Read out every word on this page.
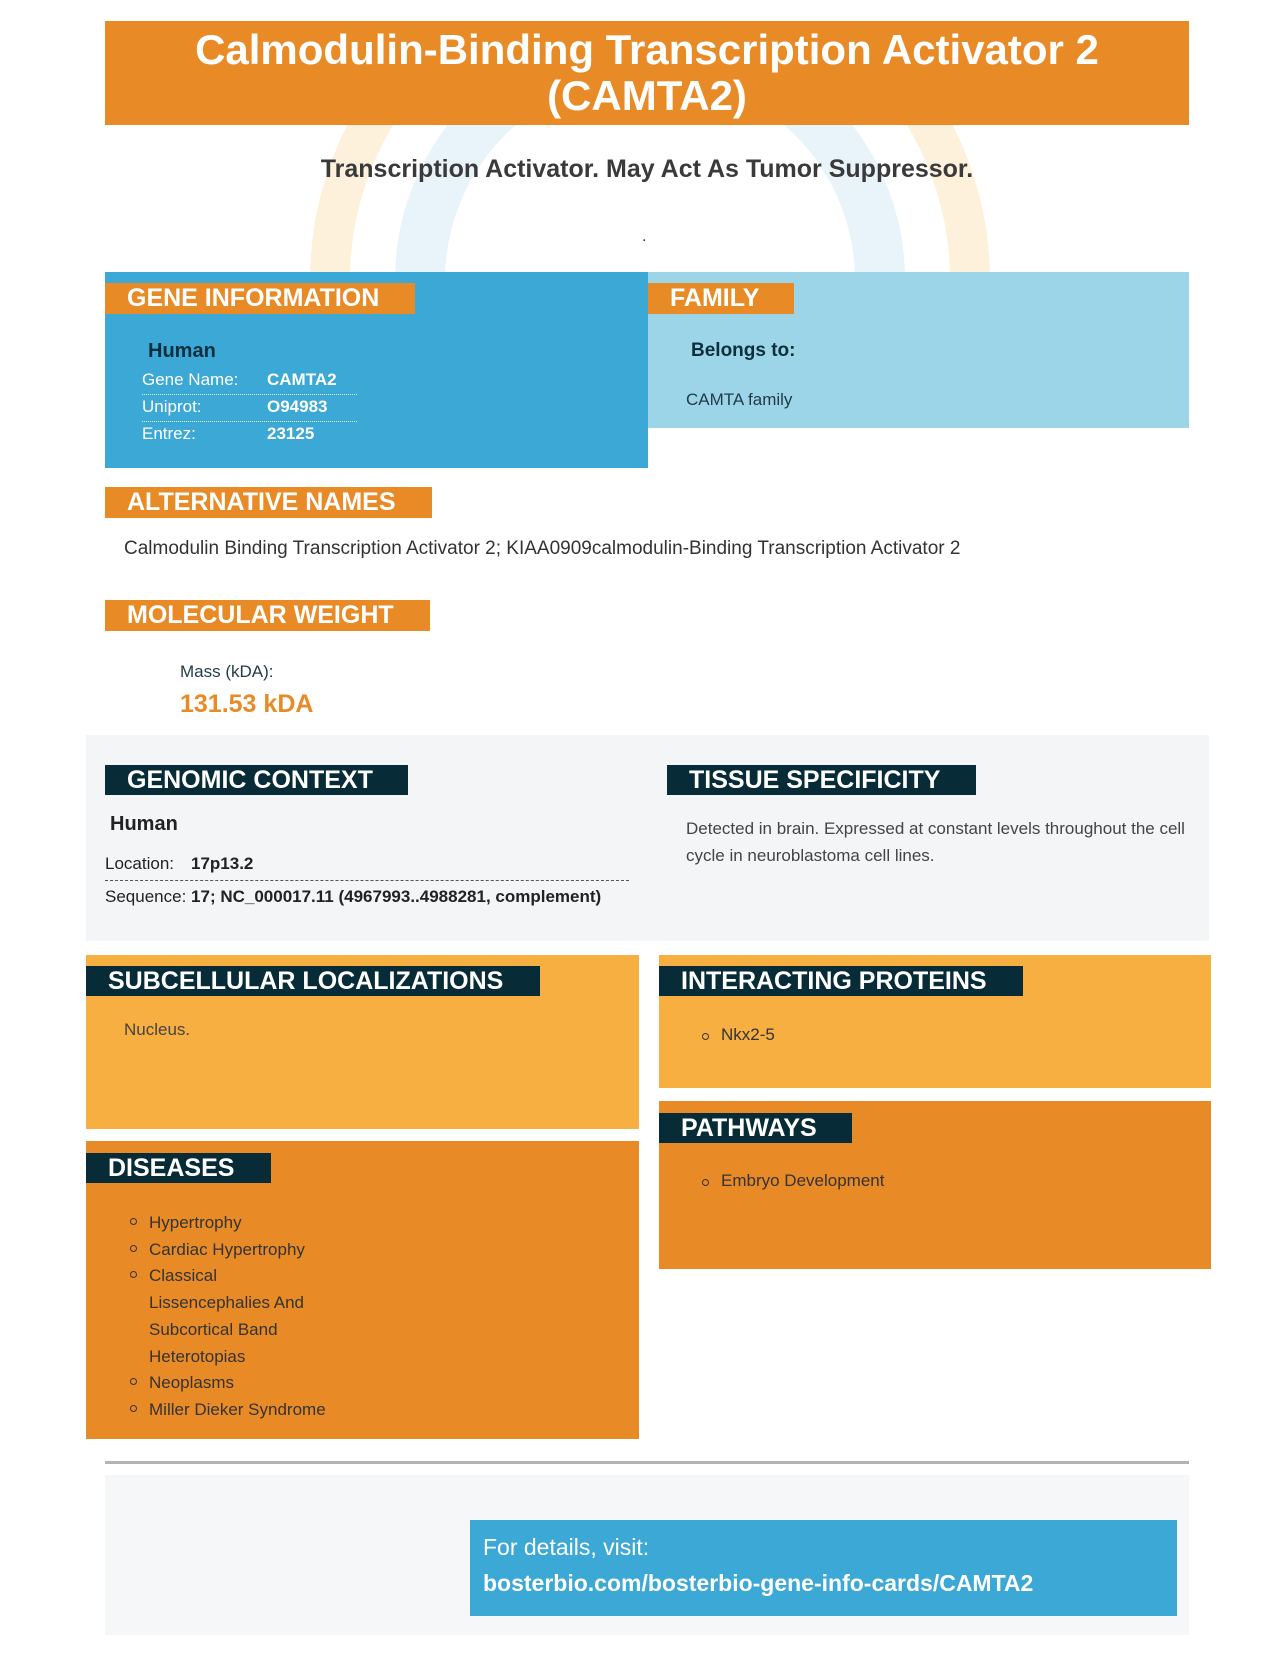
Calmodulin-Binding Transcription Activator 2 (CAMTA2)
Transcription Activator. May Act As Tumor Suppressor.
.
GENE INFORMATION
Human
Gene Name: CAMTA2
Uniprot:	O94983
Entrez:	23125
FAMILY
Belongs to:
CAMTA family
ALTERNATIVE NAMES
Calmodulin Binding Transcription Activator 2; KIAA0909calmodulin-Binding Transcription Activator 2
MOLECULAR WEIGHT
Mass (kDA):
131.53 kDA
GENOMIC CONTEXT
Human
Location: 17p13.2
Sequence: 17; NC_000017.11 (4967993..4988281, complement)
TISSUE SPECIFICITY
Detected in brain. Expressed at constant levels throughout the cell cycle in neuroblastoma cell lines.
SUBCELLULAR LOCALIZATIONS
Nucleus.
INTERACTING PROTEINS
Nkx2-5
DISEASES
Hypertrophy
Cardiac Hypertrophy
Classical Lissencephalies And Subcortical Band Heterotopias
Neoplasms
Miller Dieker Syndrome
PATHWAYS
Embryo Development
For details, visit:
bosterbio.com/bosterbio-gene-info-cards/CAMTA2
